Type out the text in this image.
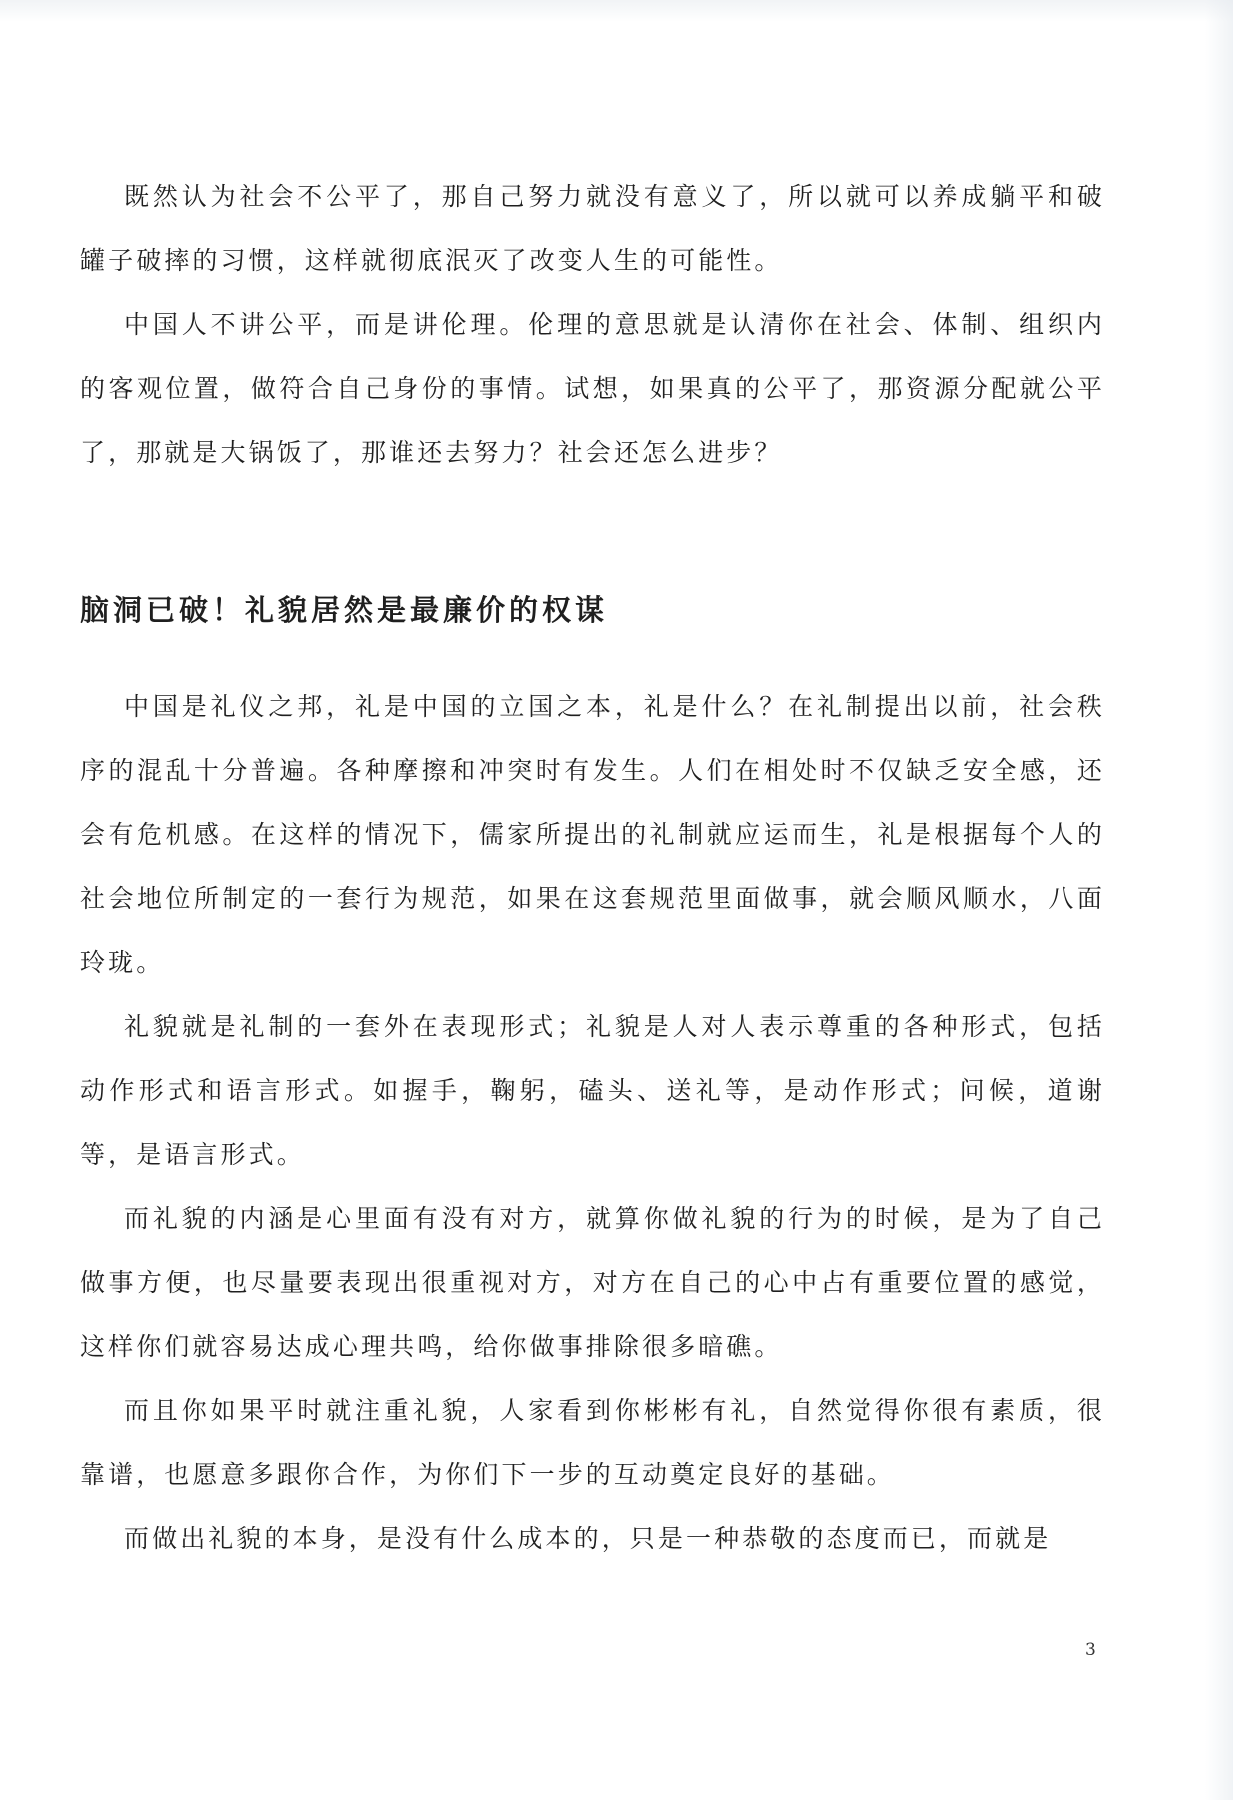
既然认为社会不公平了，那自己努力就没有意义了，所以就可以养成躺平和破罐子破摔的习惯，这样就彻底泯灭了改变人生的可能性。

中国人不讲公平，而是讲伦理。伦理的意思就是认清你在社会、体制、组织内的客观位置，做符合自己身份的事情。试想，如果真的公平了，那资源分配就公平了，那就是大锅饭了，那谁还去努力？社会还怎么进步？

脑洞已破！礼貌居然是最廉价的权谋

中国是礼仪之邦，礼是中国的立国之本，礼是什么？在礼制提出以前，社会秩序的混乱十分普遍。各种摩擦和冲突时有发生。人们在相处时不仅缺乏安全感，还会有危机感。在这样的情况下，儒家所提出的礼制就应运而生，礼是根据每个人的社会地位所制定的一套行为规范，如果在这套规范里面做事，就会顺风顺水，八面玲珑。

礼貌就是礼制的一套外在表现形式；礼貌是人对人表示尊重的各种形式，包括动作形式和语言形式。如握手，鞠躬，磕头、送礼等，是动作形式；问候，道谢等，是语言形式。

而礼貌的内涵是心里面有没有对方，就算你做礼貌的行为的时候，是为了自己做事方便，也尽量要表现出很重视对方，对方在自己的心中占有重要位置的感觉，这样你们就容易达成心理共鸣，给你做事排除很多暗礁。

而且你如果平时就注重礼貌，人家看到你彬彬有礼，自然觉得你很有素质，很靠谱，也愿意多跟你合作，为你们下一步的互动奠定良好的基础。

而做出礼貌的本身，是没有什么成本的，只是一种恭敬的态度而已，而就是

3
